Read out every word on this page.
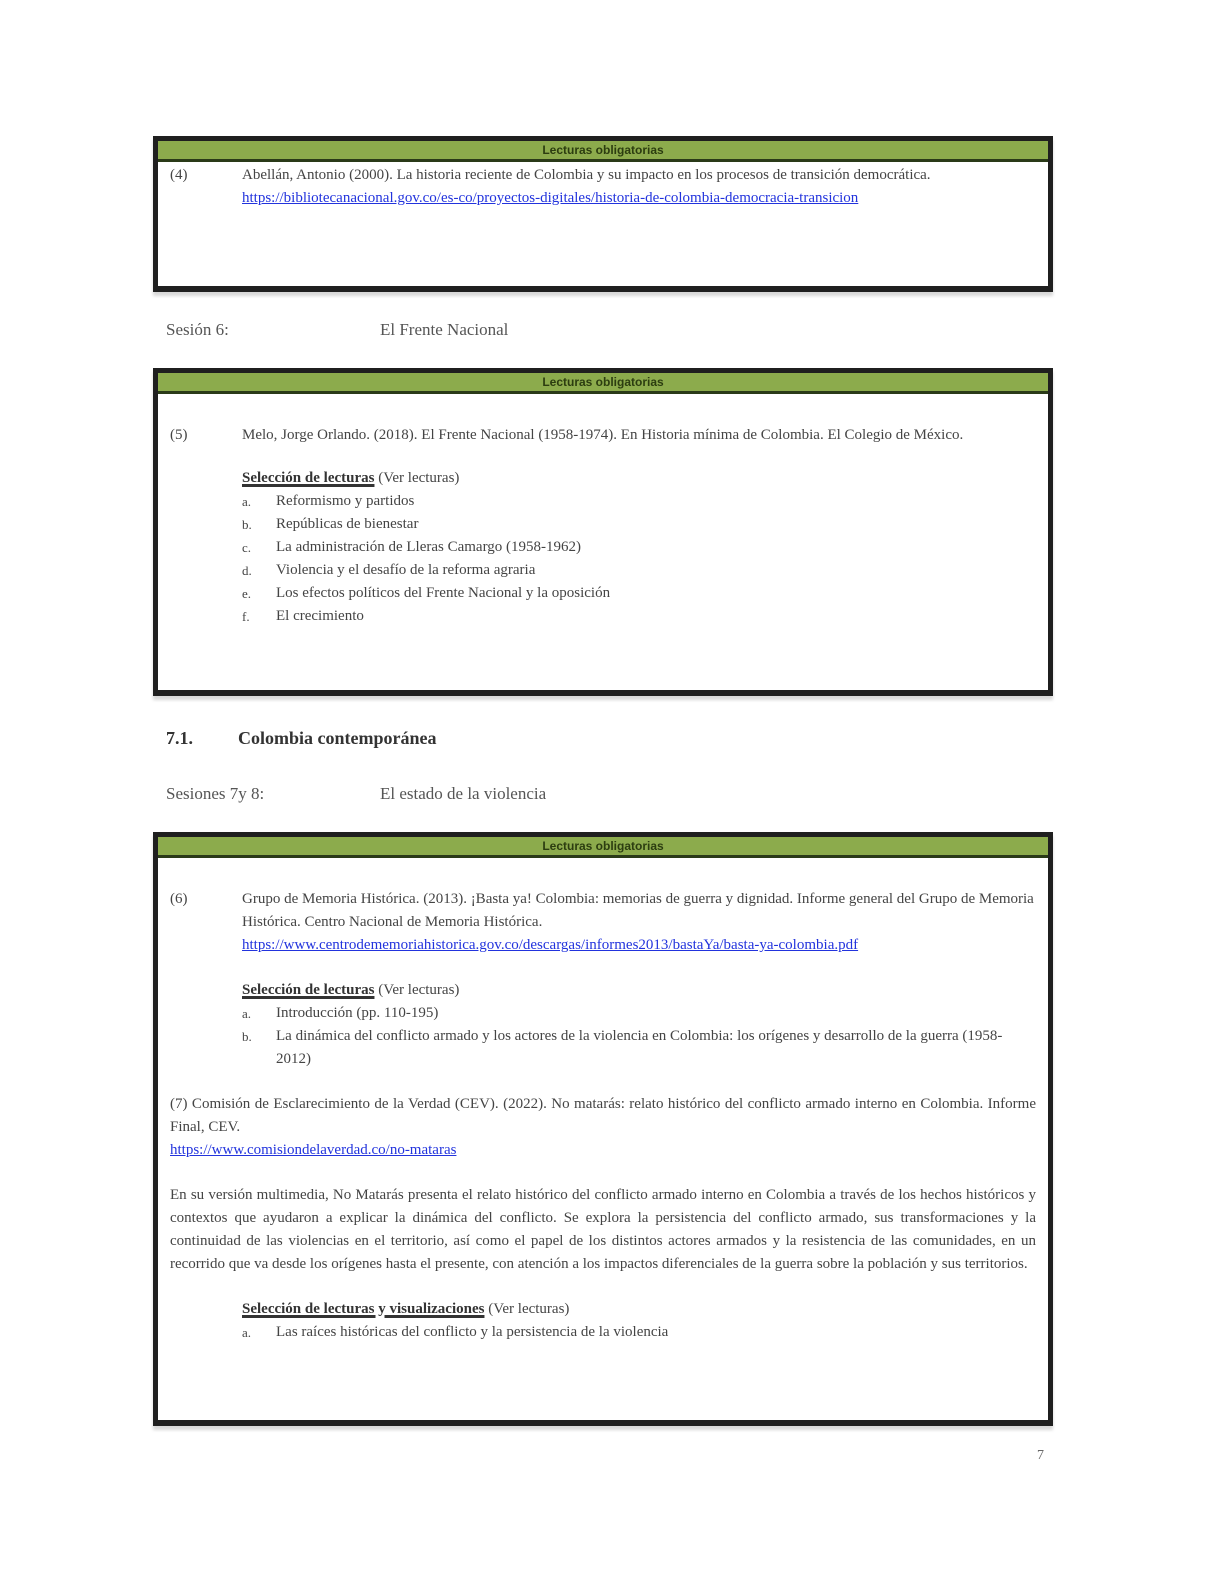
Lecturas obligatorias

(4)	Abellán, Antonio (2000). La historia reciente de Colombia y su impacto en los procesos de transición democrática.
https://bibliotecanacional.gov.co/es-co/proyectos-digitales/historia-de-colombia-democracia-transicion

Sesión 6:	El Frente Nacional
Lecturas obligatorias

(5)	Melo, Jorge Orlando. (2018). El Frente Nacional (1958-1974). En Historia mínima de Colombia. El Colegio de México.

Selección de lecturas (Ver lecturas)

a. Reformismo y partidos
b. Repúblicas de bienestar
c. La administración de Lleras Camargo (1958-1962)
d. Violencia y el desafío de la reforma agraria
e. Los efectos políticos del Frente Nacional y la oposición
f. El crecimiento
7.1.	Colombia contemporánea
Sesiones 7y 8:	El estado de la violencia
Lecturas obligatorias

(6)	Grupo de Memoria Histórica. (2013). ¡Basta ya! Colombia: memorias de guerra y dignidad. Informe general del Grupo de Memoria Histórica. Centro Nacional de Memoria Histórica.
https://www.centrodememoriahistorica.gov.co/descargas/informes2013/bastaYa/basta-ya-colombia.pdf

Selección de lecturas (Ver lecturas)

a. Introducción (pp. 110-195)
b. La dinámica del conflicto armado y los actores de la violencia en Colombia: los orígenes y desarrollo de la guerra (1958-2012)

(7) Comisión de Esclarecimiento de la Verdad (CEV). (2022). No matarás: relato histórico del conflicto armado interno en Colombia. Informe Final, CEV.
https://www.comisiondelaverdad.co/no-mataras

En su versión multimedia, No Matarás presenta el relato histórico del conflicto armado interno en Colombia a través de los hechos históricos y contextos que ayudaron a explicar la dinámica del conflicto. Se explora la persistencia del conflicto armado, sus transformaciones y la continuidad de las violencias en el territorio, así como el papel de los distintos actores armados y la resistencia de las comunidades, en un recorrido que va desde los orígenes hasta el presente, con atención a los impactos diferenciales de la guerra sobre la población y sus territorios.

Selección de lecturas y visualizaciones (Ver lecturas)

a. Las raíces históricas del conflicto y la persistencia de la violencia
7
